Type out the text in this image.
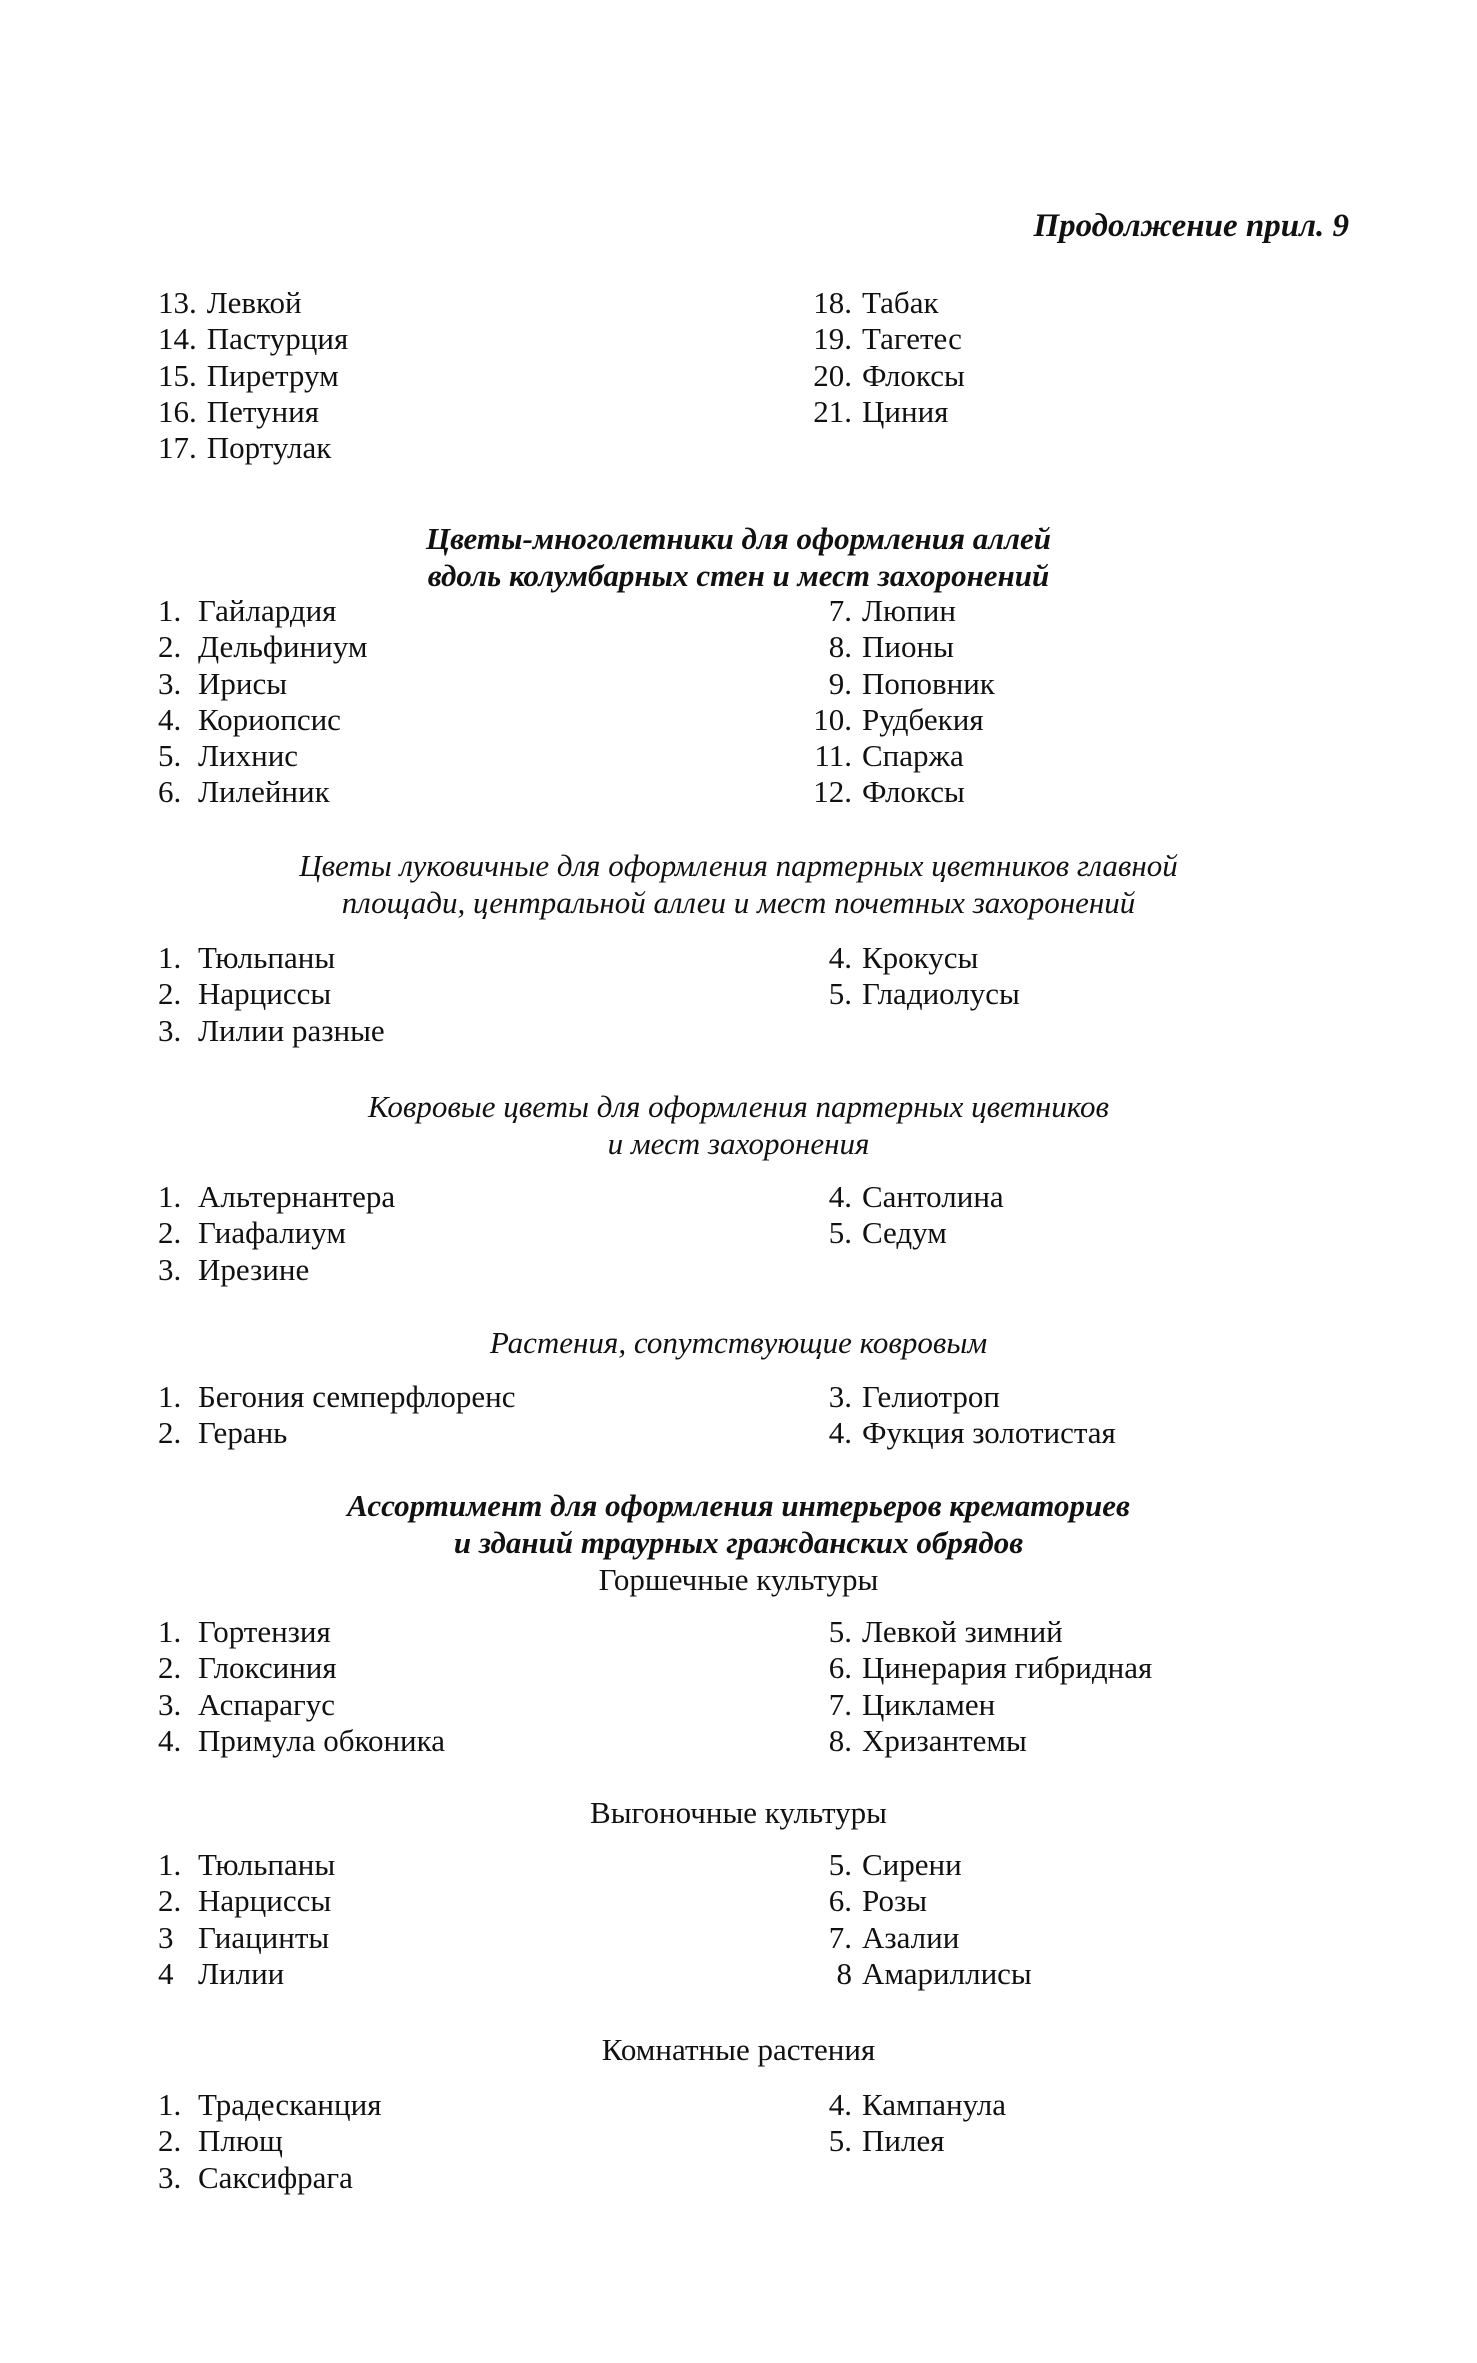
Продолжение прил. 9
13. Левкой
14. Пастурция
15. Пиретрум
16. Петуния
17. Портулак
18. Табак
19. Тагетес
20. Флоксы
21. Циния
Цветы-многолетники для оформления аллей
вдоль колумбарных стен и мест захоронений
1. Гайлардия
2. Дельфиниум
3. Ирисы
4. Кориопсис
5. Лихнис
6. Лилейник
7. Люпин
8. Пионы
9. Поповник
10. Рудбекия
11. Спаржа
12. Флоксы
Цветы луковичные для оформления партерных цветников главной
площади, центральной аллеи и мест почетных захоронений
1. Тюльпаны
2. Нарциссы
3. Лилии разные
4. Крокусы
5. Гладиолусы
Ковровые цветы для оформления партерных цветников
и мест захоронения
1. Альтернантера
2. Гиафалиум
3. Ирезине
4. Сантолина
5. Седум
Растения, сопутствующие ковровым
1. Бегония семперфлоренс
2. Герань
3. Гелиотроп
4. Фукция золотистая
Ассортимент для оформления интерьеров крематориев
и зданий траурных гражданских обрядов
Горшечные культуры
1. Гортензия
2. Глоксиния
3. Аспарагус
4. Примула обконика
5. Левкой зимний
6. Цинерария гибридная
7. Цикламен
8. Хризантемы
Выгоночные культуры
1. Тюльпаны
2. Нарциссы
3 Гиацинты
4 Лилии
5. Сирени
6. Розы
7. Азалии
8 Амариллисы
Комнатные растения
1. Традесканция
2. Плющ
3. Саксифрага
4. Кампанула
5. Пилея
